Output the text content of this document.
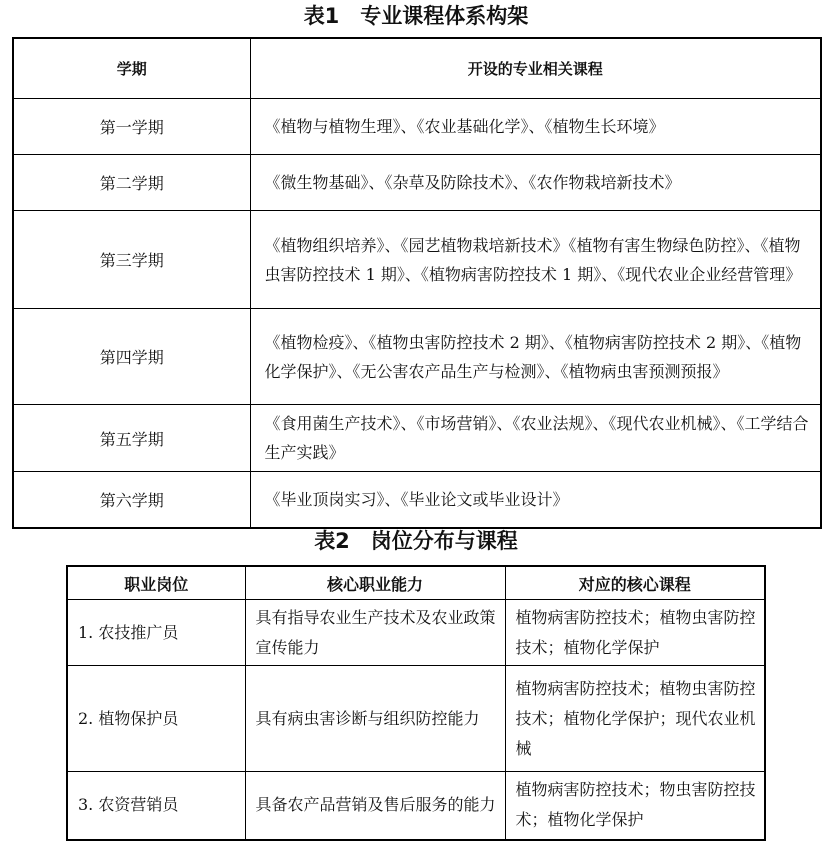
表1　专业课程体系构架
学期	开设的专业相关课程
第一学期	《植物与植物生理》、《农业基础化学》、《植物生长环境》
第二学期	《微生物基础》、《杂草及防除技术》、《农作物栽培新技术》
第三学期	《植物组织培养》、《园艺植物栽培新技术》《植物有害生物绿色防控》、《植物虫害防控技术 1 期》、《植物病害防控技术 1 期》、《现代农业企业经营管理》
第四学期	《植物检疫》、《植物虫害防控技术 2 期》、《植物病害防控技术 2 期》、《植物化学保护》、《无公害农产品生产与检测》、《植物病虫害预测预报》
第五学期	《食用菌生产技术》、《市场营销》、《农业法规》、《现代农业机械》、《工学结合生产实践》
第六学期	《毕业顶岗实习》、《毕业论文或毕业设计》
表2　岗位分布与课程
职业岗位	核心职业能力	对应的核心课程
1. 农技推广员	具有指导农业生产技术及农业政策宣传能力	植物病害防控技术；植物虫害防控技术；植物化学保护
2. 植物保护员	具有病虫害诊断与组织防控能力	植物病害防控技术；植物虫害防控技术；植物化学保护；现代农业机械
3. 农资营销员	具备农产品营销及售后服务的能力	植物病害防控技术；物虫害防控技术；植物化学保护
